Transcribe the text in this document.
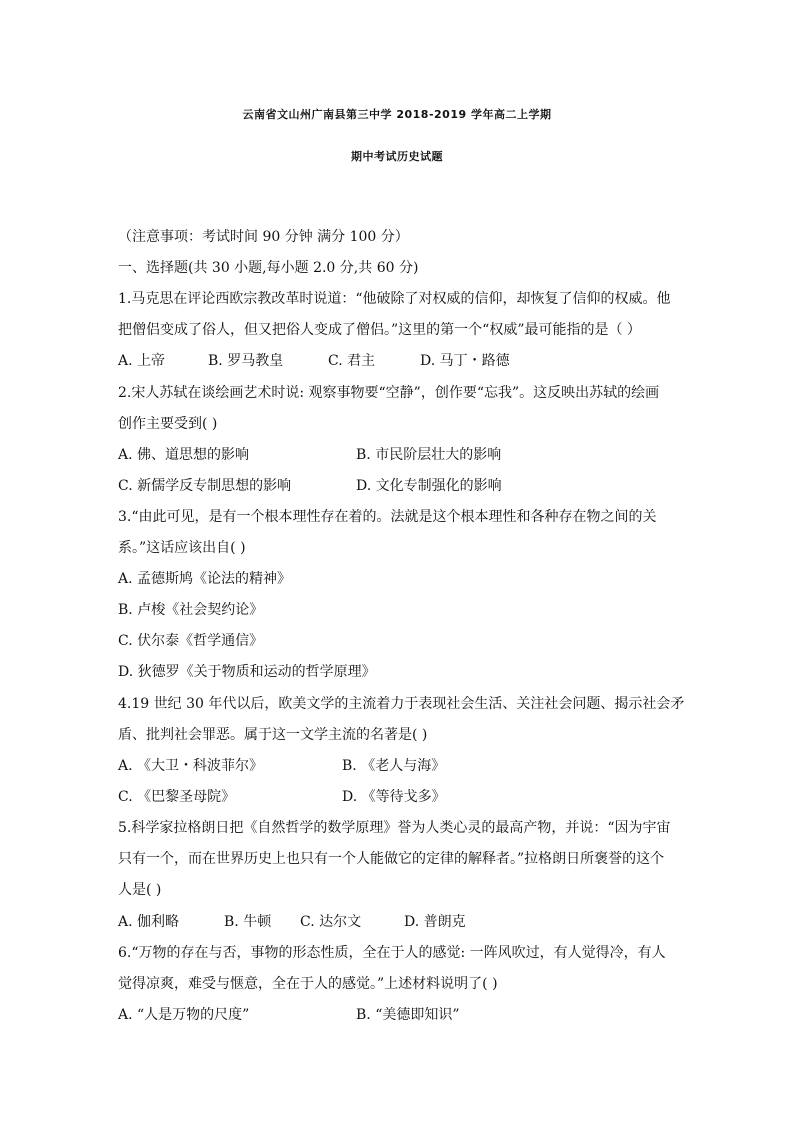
云南省文山州广南县第三中学 2018-2019 学年高二上学期
期中考试历史试题
（注意事项：考试时间 90 分钟 满分 100 分）
一、选择题(共 30 小题,每小题 2.0 分,共 60 分)
1.马克思在评论西欧宗教改革时说道：“他破除了对权威的信仰，却恢复了信仰的权威。他
把僧侣变成了俗人，但又把俗人变成了僧侣。”这里的第一个“权威”最可能指的是（ ）
A. 上帝	B. 罗马教皇	C. 君主	D. 马丁・路德
2.宋人苏轼在谈绘画艺术时说: 观察事物要“空静”，创作要“忘我”。这反映出苏轼的绘画
创作主要受到( )
A. 佛、道思想的影响	B. 市民阶层壮大的影响
C. 新儒学反专制思想的影响	D. 文化专制强化的影响
3.“由此可见，是有一个根本理性存在着的。法就是这个根本理性和各种存在物之间的关
系。”这话应该出自( )
A. 孟德斯鸠《论法的精神》
B. 卢梭《社会契约论》
C. 伏尔泰《哲学通信》
D. 狄德罗《关于物质和运动的哲学原理》
4.19 世纪 30 年代以后，欧美文学的主流着力于表现社会生活、关注社会问题、揭示社会矛
盾、批判社会罪恶。属于这一文学主流的名著是( )
A. 《大卫・科波菲尔》	B. 《老人与海》
C. 《巴黎圣母院》	D. 《等待戈多》
5.科学家拉格朗日把《自然哲学的数学原理》誉为人类心灵的最高产物，并说：“因为宇宙
只有一个，而在世界历史上也只有一个人能做它的定律的解释者。”拉格朗日所褒誉的这个
人是( )
A. 伽利略	B. 牛顿 C. 达尔文	D. 普朗克
6.“万物的存在与否，事物的形态性质，全在于人的感觉: 一阵风吹过，有人觉得冷，有人
觉得凉爽，难受与惬意，全在于人的感觉。”上述材料说明了( )
A. “人是万物的尺度”	B. “美德即知识”
